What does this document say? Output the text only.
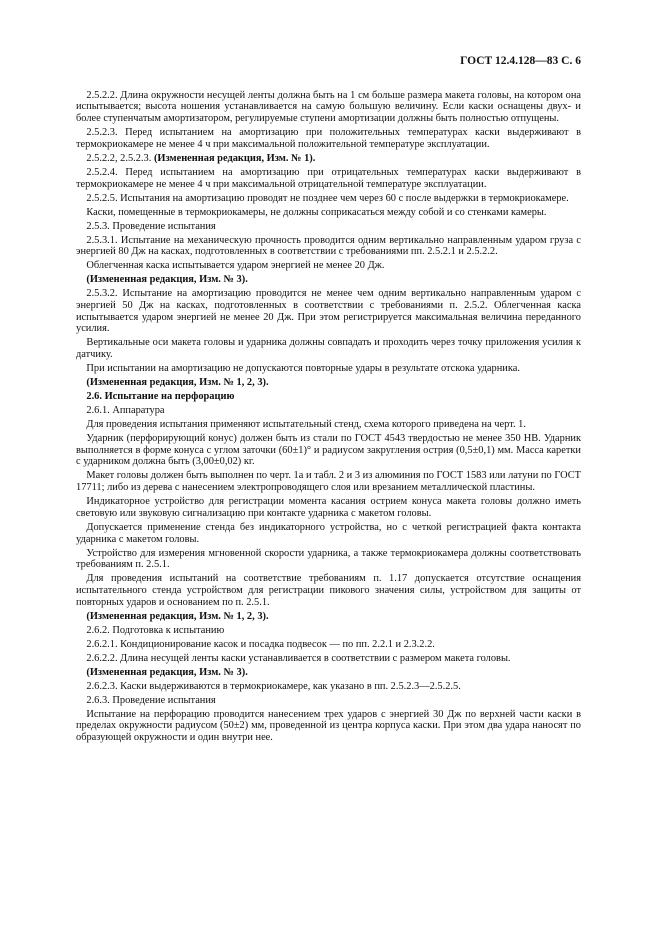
ГОСТ 12.4.128—83 С. 6

2.5.2.2. Длина окружности несущей ленты должна быть на 1 см больше размера макета головы, на котором она испытывается; высота ношения устанавливается на самую большую величину. Если каски оснащены двух- и более ступенчатым амортизатором, регулируемые ступени амортизации должны быть полностью отпущены.

2.5.2.3. Перед испытанием на амортизацию при положительных температурах каски выдерживают в термокриокамере не менее 4 ч при максимальной положительной температуре эксплуатации.

2.5.2.2, 2.5.2.3. (Измененная редакция, Изм. № 1).

2.5.2.4. Перед испытанием на амортизацию при отрицательных температурах каски выдерживают в термокриокамере не менее 4 ч при максимальной отрицательной температуре эксплуатации.

2.5.2.5. Испытания на амортизацию проводят не позднее чем через 60 с после выдержки в термокриокамере.

Каски, помещенные в термокриокамеры, не должны соприкасаться между собой и со стенками камеры.

2.5.3. Проведение испытания

2.5.3.1. Испытание на механическую прочность проводится одним вертикально направленным ударом груза с энергией 80 Дж на касках, подготовленных в соответствии с требованиями пп. 2.5.2.1 и 2.5.2.2.

Облегченная каска испытывается ударом энергией не менее 20 Дж.

(Измененная редакция, Изм. № 3).

2.5.3.2. Испытание на амортизацию проводится не менее чем одним вертикально направленным ударом с энергией 50 Дж на касках, подготовленных в соответствии с требованиями п. 2.5.2. Облегченная каска испытывается ударом энергией не менее 20 Дж. При этом регистрируется максимальная величина переданного усилия.

Вертикальные оси макета головы и ударника должны совпадать и проходить через точку приложения усилия к датчику.

При испытании на амортизацию не допускаются повторные удары в результате отскока ударника.

(Измененная редакция, Изм. № 1, 2, 3).

2.6. Испытание на перфорацию

2.6.1. Аппаратура

Для проведения испытания применяют испытательный стенд, схема которого приведена на черт. 1.

Ударник (перфорирующий конус) должен быть из стали по ГОСТ 4543 твердостью не менее 350 НВ. Ударник выполняется в форме конуса с углом заточки (60±1)° и радиусом закругления острия (0,5±0,1) мм. Масса каретки с ударником должна быть (3,00±0,02) кг.

Макет головы должен быть выполнен по черт. 1а и табл. 2 и 3 из алюминия по ГОСТ 1583 или латуни по ГОСТ 17711; либо из дерева с нанесением электропроводящего слоя или врезанием металлической пластины.

Индикаторное устройство для регистрации момента касания острием конуса макета головы должно иметь световую или звуковую сигнализацию при контакте ударника с макетом головы.

Допускается применение стенда без индикаторного устройства, но с четкой регистрацией факта контакта ударника с макетом головы.

Устройство для измерения мгновенной скорости ударника, а также термокриокамера должны соответствовать требованиям п. 2.5.1.

Для проведения испытаний на соответствие требованиям п. 1.17 допускается отсутствие оснащения испытательного стенда устройством для регистрации пикового значения силы, устройством для защиты от повторных ударов и основанием по п. 2.5.1.

(Измененная редакция, Изм. № 1, 2, 3).

2.6.2. Подготовка к испытанию

2.6.2.1. Кондиционирование касок и посадка подвесок — по пп. 2.2.1 и 2.3.2.2.

2.6.2.2. Длина несущей ленты каски устанавливается в соответствии с размером макета головы.

(Измененная редакция, Изм. № 3).

2.6.2.3. Каски выдерживаются в термокриокамере, как указано в пп. 2.5.2.3—2.5.2.5.

2.6.3. Проведение испытания

Испытание на перфорацию проводится нанесением трех ударов с энергией 30 Дж по верхней части каски в пределах окружности радиусом (50±2) мм, проведенной из центра корпуса каски. При этом два удара наносят по образующей окружности и один внутри нее.
